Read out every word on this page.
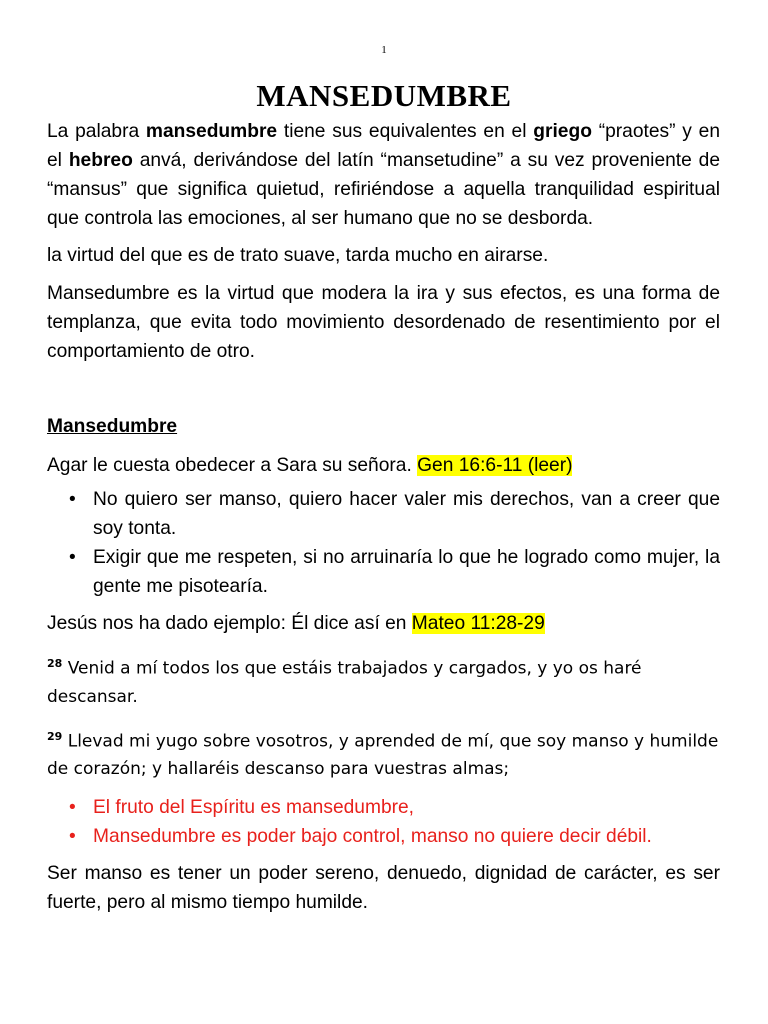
1
MANSEDUMBRE

La palabra mansedumbre tiene sus equivalentes en el griego “praotes” y en el hebreo anvá, derivándose del latín “mansetudine” a su vez proveniente de “mansus” que significa quietud, refiriéndose a aquella tranquilidad espiritual que controla las emociones, al ser humano que no se desborda.

la virtud del que es de trato suave, tarda mucho en airarse.

Mansedumbre es la virtud que modera la ira y sus efectos, es una forma de templanza, que evita todo movimiento desordenado de resentimiento por el comportamiento de otro.

Mansedumbre

Agar le cuesta obedecer a Sara su señora. Gen 16:6-11 (leer)

• No quiero ser manso, quiero hacer valer mis derechos, van a creer que soy tonta.
• Exigir que me respeten, si no arruinaría lo que he logrado como mujer, la gente me pisotearía.

Jesús nos ha dado ejemplo: Él dice así en Mateo 11:28-29

$^{28}$ Venid a mí todos los que estáis trabajados y cargados, y yo os haré descansar.

$^{29}$ Llevad mi yugo sobre vosotros, y aprended de mí, que soy manso y humilde de corazón; y hallaréis descanso para vuestras almas;

• El fruto del Espíritu es mansedumbre,
• Mansedumbre es poder bajo control, manso no quiere decir débil.

Ser manso es tener un poder sereno, denuedo, dignidad de carácter, es ser fuerte, pero al mismo tiempo humilde.
